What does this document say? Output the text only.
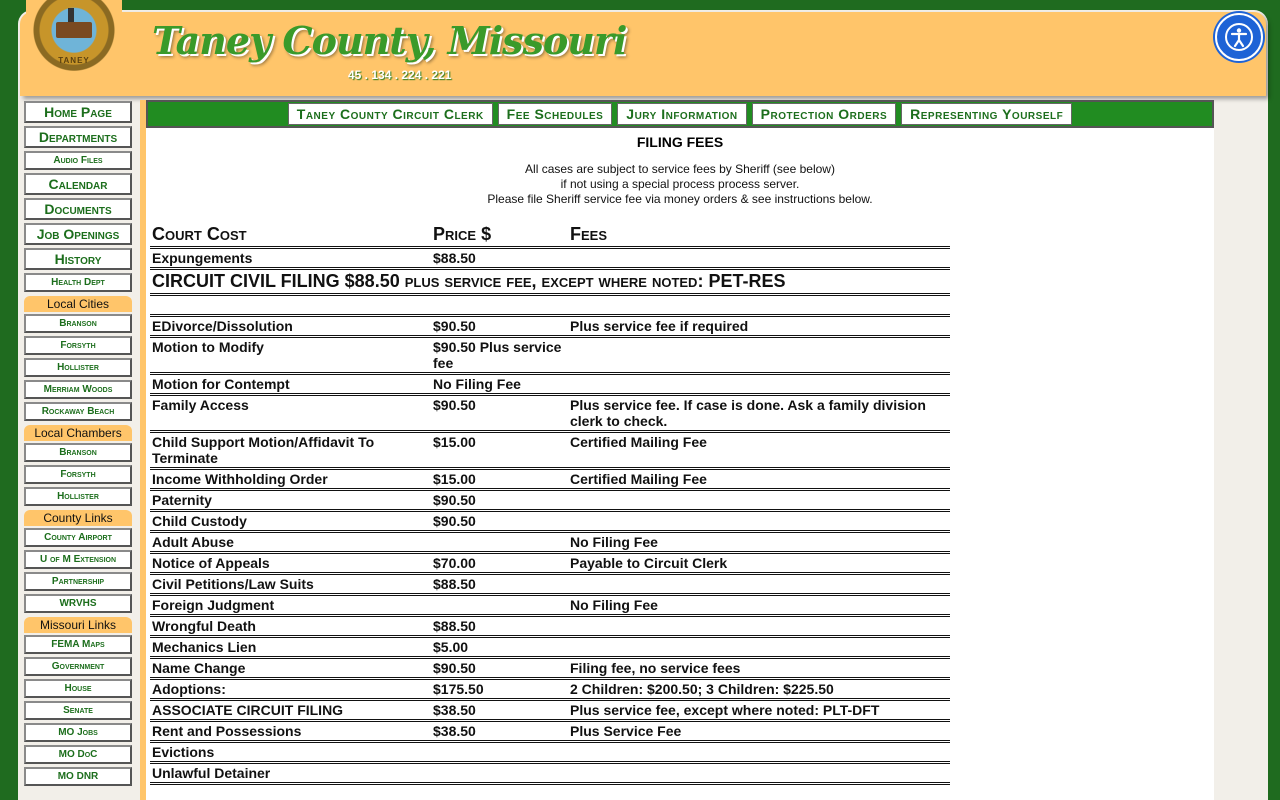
TANEY	Taney County, Missouri
45 . 134 . 224 . 221
Home Page
Departments
Audio Files
Calendar
Documents
Job Openings
History
Health Dept
Local Cities
Branson
Forsyth
Hollister
Merriam Woods
Rockaway Beach
Local Chambers
Branson
Forsyth
Hollister
County Links
County Airport
U of M Extension
Partnership
WRVHS
Missouri Links
FEMA Maps
Government
House
Senate
MO Jobs
MO DoC
MO DNR
Taney County Circuit Clerk	Fee Schedules	Jury Information	Protection Orders	Representing Yourself
FILING FEES
All cases are subject to service fees by Sheriff (see below)
if not using a special process process server.
Please file Sheriff service fee via money orders & see instructions below.
Court Cost	Price $	Fees
Expungements	$88.50	
CIRCUIT CIVIL FILING $88.50 plus service fee, except where noted: PET-RES		

EDivorce/Dissolution	$90.50	Plus service fee if required
Motion to Modify	$90.50 Plus service fee	
Motion for Contempt	No Filing Fee	
Family Access	$90.50	Plus service fee. If case is done. Ask a family division clerk to check.
Child Support Motion/Affidavit To Terminate	$15.00	Certified Mailing Fee
Income Withholding Order	$15.00	Certified Mailing Fee
Paternity	$90.50	
Child Custody	$90.50	
Adult Abuse		No Filing Fee
Notice of Appeals	$70.00	Payable to Circuit Clerk
Civil Petitions/Law Suits	$88.50	
Foreign Judgment		No Filing Fee
Wrongful Death	$88.50	
Mechanics Lien	$5.00	
Name Change	$90.50	Filing fee, no service fees
Adoptions:	$175.50	2 Children: $200.50; 3 Children: $225.50
ASSOCIATE CIRCUIT FILING	$38.50	Plus service fee, except where noted: PLT-DFT
Rent and Possessions	$38.50	Plus Service Fee
Evictions		
Unlawful Detainer		
